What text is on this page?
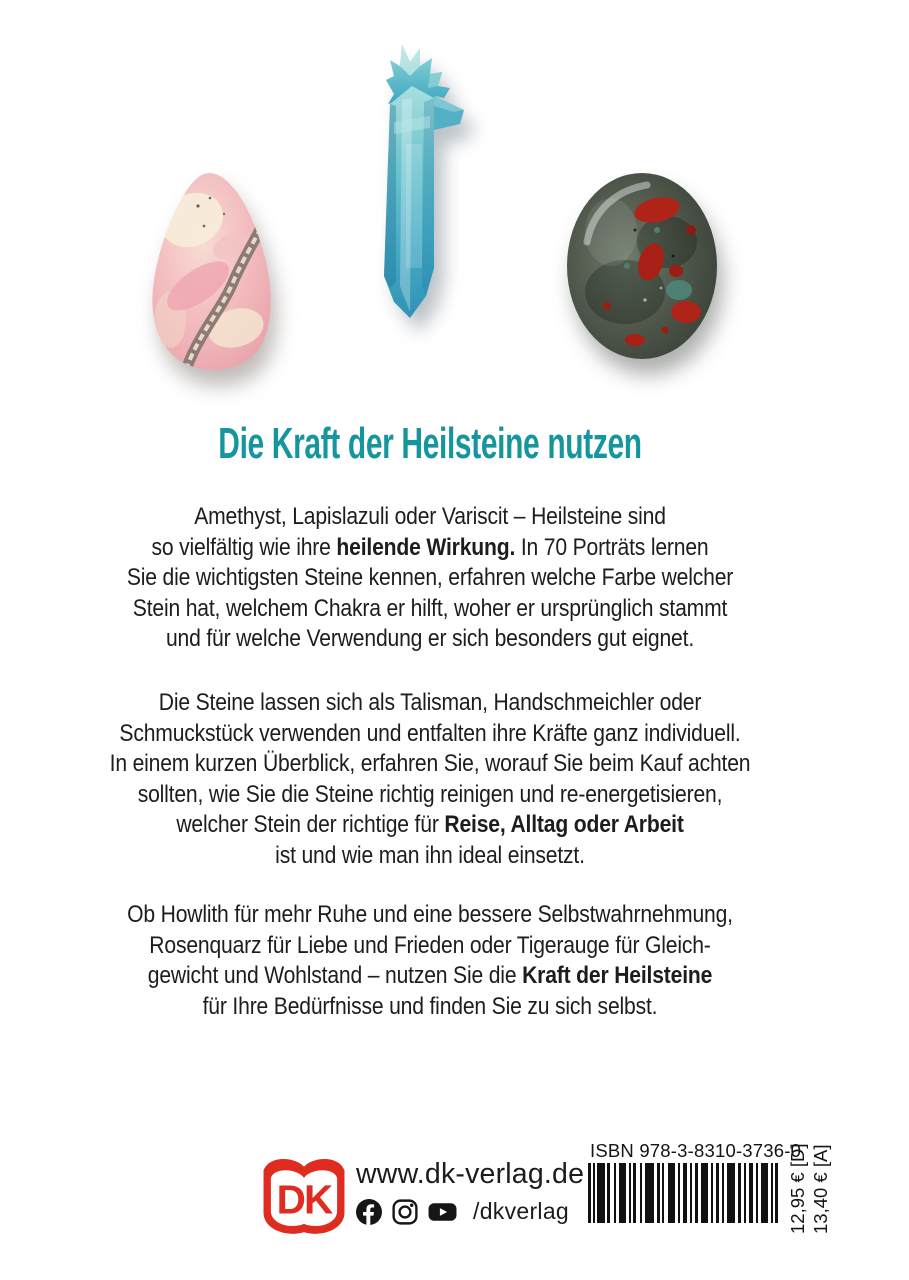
Die Kraft der Heilsteine nutzen
Amethyst, Lapislazuli oder Variscit – Heilsteine sind
so vielfältig wie ihre heilende Wirkung. In 70 Porträts lernen
Sie die wichtigsten Steine kennen, erfahren welche Farbe welcher
Stein hat, welchem Chakra er hilft, woher er ursprünglich stammt
und für welche Verwendung er sich besonders gut eignet.
Die Steine lassen sich als Talisman, Handschmeichler oder
Schmuckstück verwenden und entfalten ihre Kräfte ganz individuell.
In einem kurzen Überblick, erfahren Sie, worauf Sie beim Kauf achten
sollten, wie Sie die Steine richtig reinigen und re-energetisieren,
welcher Stein der richtige für Reise, Alltag oder Arbeit
ist und wie man ihn ideal einsetzt.
Ob Howlith für mehr Ruhe und eine bessere Selbstwahrnehmung,
Rosenquarz für Liebe und Frieden oder Tigerauge für Gleich-
gewicht und Wohlstand – nutzen Sie die Kraft der Heilsteine
für Ihre Bedürfnisse und finden Sie zu sich selbst.
DK
www.dk-verlag.de
/dkverlag
ISBN 978-3-8310-3736-0
12,95 € [D] 13,40 € [A]
